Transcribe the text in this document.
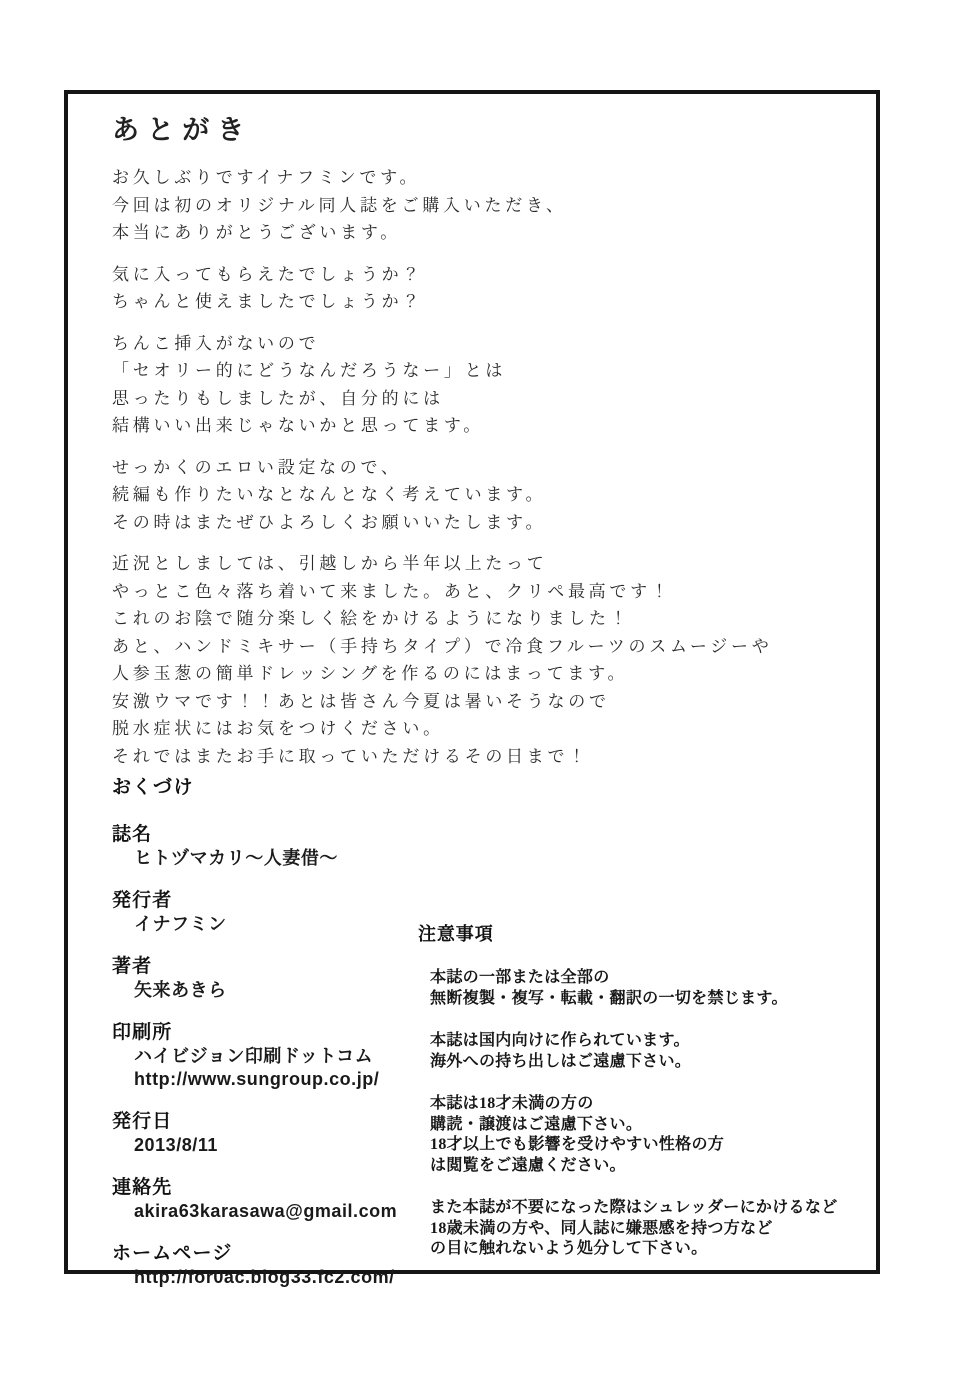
あとがき

お久しぶりですイナフミンです。
今回は初のオリジナル同人誌をご購入いただき、
本当にありがとうございます。

気に入ってもらえたでしょうか？
ちゃんと使えましたでしょうか？

ちんこ挿入がないので
「セオリー的にどうなんだろうなー」とは
思ったりもしましたが、自分的には
結構いい出来じゃないかと思ってます。

せっかくのエロい設定なので、
続編も作りたいなとなんとなく考えています。
その時はまたぜひよろしくお願いいたします。

近況としましては、引越しから半年以上たって
やっとこ色々落ち着いて来ました。あと、クリペ最高です！
これのお陰で随分楽しく絵をかけるようになりました！
あと、ハンドミキサー（手持ちタイプ）で冷食フルーツのスムージーや
人参玉葱の簡単ドレッシングを作るのにはまってます。
安激ウマです！！あとは皆さん今夏は暑いそうなので
脱水症状にはお気をつけください。
それではまたお手に取っていただけるその日まで！

おくづけ
誌名
ヒトヅマカリ～人妻借～
発行者
イナフミン
著者
矢来あきら
印刷所
ハイビジョン印刷ドットコム
http://www.sungroup.co.jp/
発行日
2013/8/11
連絡先
akira63karasawa@gmail.com
ホームページ
http://for0ac.blog33.fc2.com/
注意事項

本誌の一部または全部の
無断複製・複写・転載・翻訳の一切を禁じます。

本誌は国内向けに作られています。
海外への持ち出しはご遠慮下さい。

本誌は18才未満の方の
購読・譲渡はご遠慮下さい。
18才以上でも影響を受けやすい性格の方
は閲覧をご遠慮ください。

また本誌が不要になった際はシュレッダーにかけるなど
18歳未満の方や、同人誌に嫌悪感を持つ方など
の目に触れないよう処分して下さい。
